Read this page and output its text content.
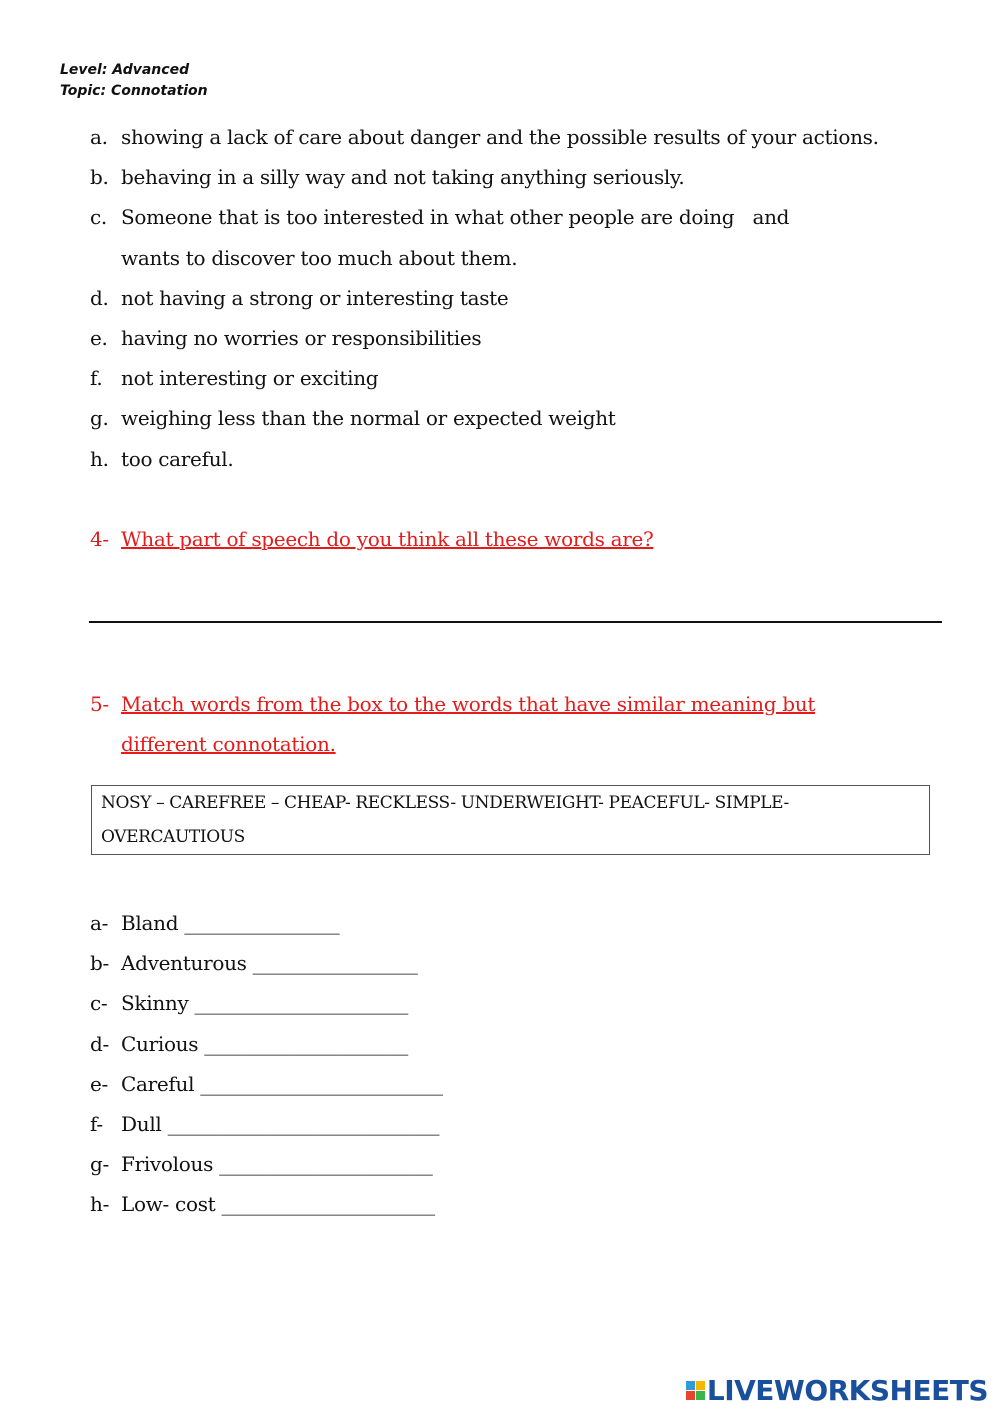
Level: Advanced
Topic: Connotation
a. showing a lack of care about danger and the possible results of your actions.
b. behaving in a silly way and not taking anything seriously.
c. Someone that is too interested in what other people are doing   and
wants to discover too much about them.
d. not having a strong or interesting taste
e. having no worries or responsibilities
f. not interesting or exciting
g. weighing less than the normal or expected weight
h. too careful.
4- What part of speech do you think all these words are?
5- Match words from the box to the words that have similar meaning but different connotation.
NOSY – CAREFREE – CHEAP- RECKLESS- UNDERWEIGHT- PEACEFUL- SIMPLE-
OVERCAUTIOUS
a- Bland ________________
b- Adventurous _________________
c- Skinny ______________________
d- Curious _____________________
e- Careful _________________________
f- Dull ____________________________
g- Frivolous ______________________
h- Low- cost ______________________
LIVEWORKSHEETS
